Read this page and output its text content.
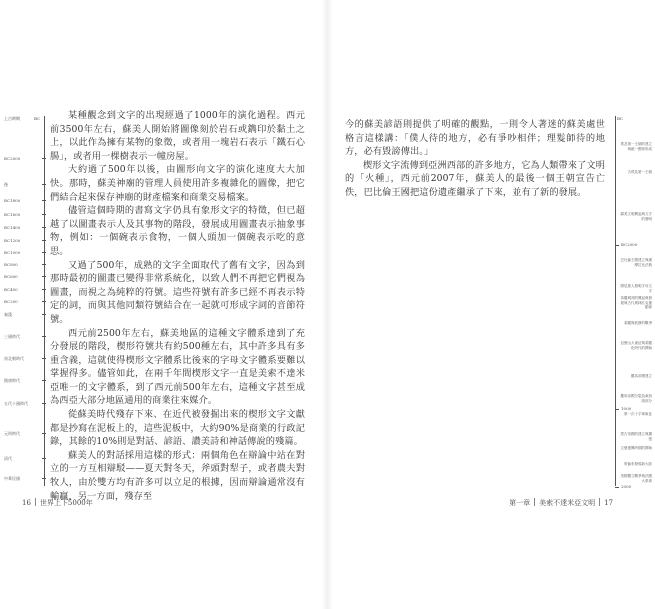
上古時期	BC
BC2000
後
BC1800
BC1600
BC1400
BC1200
BC1000
BC800
BC600
BC400
BC200
秦漢
三國時代
南北朝時代
隋唐時代
五代十國時代
元明時代
清代
中華民國

某種觀念到文字的出現經過了1000年的演化過程。西元前3500年左右，蘇美人開始將圖像刻於岩石或鐫印於黏土之上，以此作為擁有某物的象徵，或者用一塊岩石表示「鐵石心腸」，或者用一棵樹表示一幢房屋。

大約過了500年以後，由圖形向文字的演化速度大大加快。那時，蘇美神廟的管理人員使用許多複雜化的圖像，把它們結合起來保存神廟的財產檔案和商業交易檔案。

儘管這個時期的書寫文字仍具有象形文字的特徵，但已超越了以圖畫表示人及其事物的階段，發展成用圖畫表示抽象事物，例如：一個碗表示食物，一個人頭加一個碗表示吃的意思。

又過了500年，成熟的文字全面取代了舊有文字，因為到那時最初的圖畫已變得非常系統化，以致人們不再把它們視為圖畫，而視之為純粹的符號。這些符號有許多已經不再表示特定的詞，而與其他同類符號結合在一起就可形成字詞的音節符號。

西元前2500年左右，蘇美地區的這種文字體系達到了充分發展的階段，楔形符號共有約500種左右，其中許多具有多重含義，這就使得楔形文字體系比後來的字母文字體系要難以掌握得多。儘管如此，在兩千年間楔形文字一直是美索不達米亞唯一的文字體系，到了西元前500年左右，這種文字甚至成為西亞大部分地區通用的商業往來媒介。

從蘇美時代殘存下來、在近代被發掘出來的楔形文字文獻都是抄寫在泥板上的，這些泥板中，大約90%是商業的行政記錄，其餘的10%則是對話、諺語、讚美詩和神話傳說的殘篇。

蘇美人的對話採用這樣的形式：兩個角色在辯論中站在對立的一方互相辯駁——夏天對冬天，斧頭對犁子，或者農夫對牧人，由於雙方均有許多可以立足的根據，因而辯論通常沒有輸贏，另一方面，殘存至

16 世界上下5000年

今的蘇美諺語則提供了明確的觀點，一則令人著迷的蘇美處世格言這樣講：「僕人待的地方，必有爭吵相伴；理髮師待的地方，必有毀謗傳出。」

楔形文字流傳到亞洲西部的許多地方，它為人類帶來了文明的「火種」，西元前2007年，蘇美人的最後一個王朝宣告亡佚，巴比倫王國把這份遺產繼承了下來，並有了新的發展。

第一章 美索不達米亞文明 17
BC
埃及第一王朝的建立與統一國家形成
古埃及第一王朝
蘇美文明興起與文字的發明
BC2000
巴比倫王國建立與漢摩拉比法典
腓尼基人發明字母文字
希臘城邦的興起與發展與古代奧林匹克運動會
希臘與波斯的戰爭
亞歷山大東征與希臘化時代的開始
羅馬帝國建立
羅馬帝國分裂為東西兩部分
1000
第一次十字軍東征
蒙古帝國的建立與擴張
文藝復興時期的開始
哥倫布發現新大陸
美國獨立戰爭與法國大革命
2000
